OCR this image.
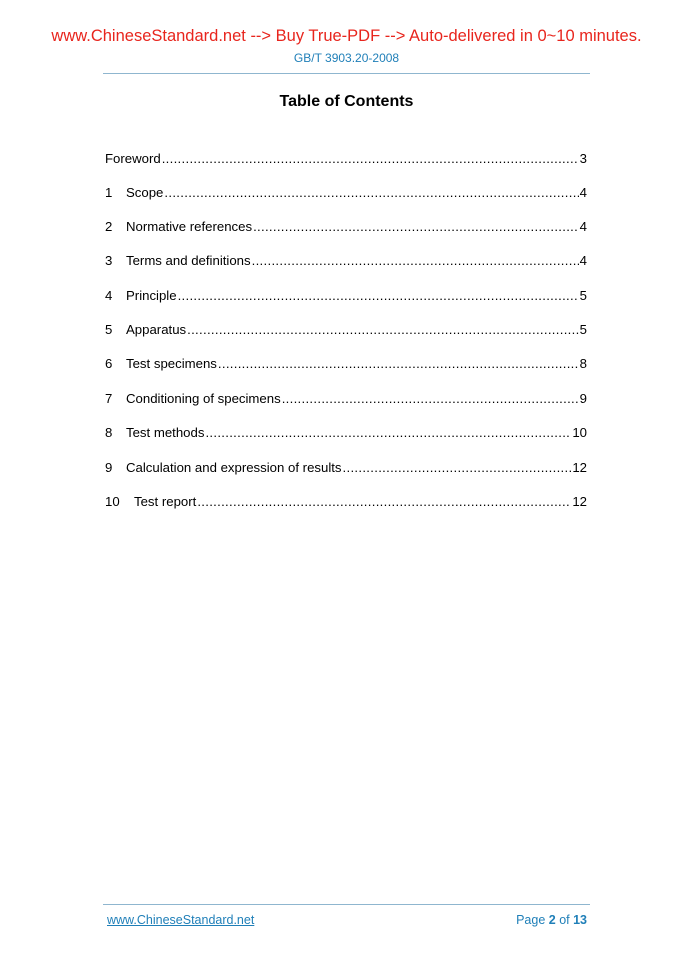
www.ChineseStandard.net --> Buy True-PDF --> Auto-delivered in 0~10 minutes.
GB/T 3903.20-2008
Table of Contents
Foreword .....	3
1	Scope .....	4
2	Normative references .....	4
3	Terms and definitions .....	4
4	Principle .....	5
5	Apparatus .....	5
6	Test specimens .....	8
7	Conditioning of specimens .....	9
8	Test methods .....	10
9	Calculation and expression of results .....	12
10	Test report .....	12
www.ChineseStandard.net	Page 2 of 13
